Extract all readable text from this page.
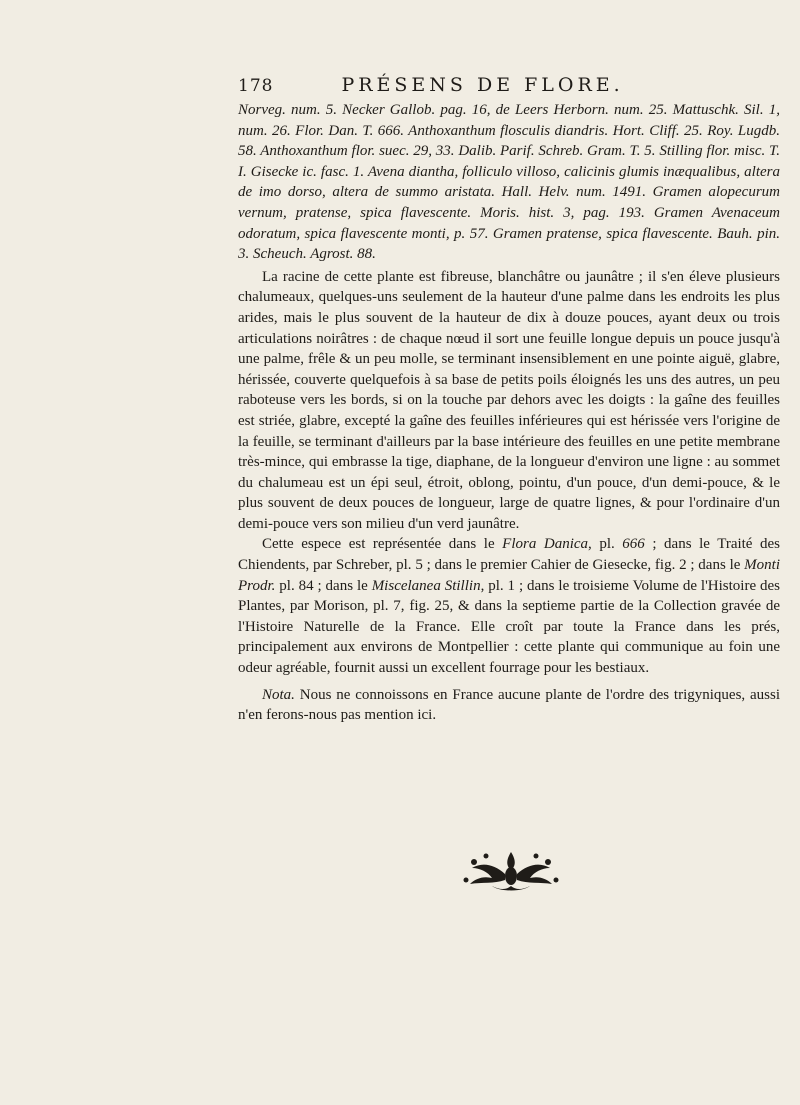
178	PRÉSENS DE FLORE.

Norveg. num. 5. Necker Gallob. pag. 16, de Leers Herborn. num. 25. Mattuschk. Sil. 1, num. 26. Flor. Dan. T. 666. Anthoxanthum flosculis diandris. Hort. Cliff. 25. Roy. Lugdb. 58. Anthoxanthum flor. suec. 29, 33. Dalib. Parif. Schreb. Gram. T. 5. Stilling flor. misc. T. I. Gisecke ic. fasc. 1. Avena diantha, folliculo villoso, calicinis glumis inæqualibus, altera de imo dorso, altera de summo aristata. Hall. Helv. num. 1491. Gramen alopecurum vernum, pratense, spica flavescente. Moris. hist. 3, pag. 193. Gramen Avenaceum odoratum, spica flavescente monti, p. 57. Gramen pratense, spica flavescente. Bauh. pin. 3. Scheuch. Agrost. 88.

La racine de cette plante est fibreuse, blanchâtre ou jaunâtre ; il s'en éleve plusieurs chalumeaux, quelques-uns seulement de la hauteur d'une palme dans les endroits les plus arides, mais le plus souvent de la hauteur de dix à douze pouces, ayant deux ou trois articulations noirâtres : de chaque nœud il sort une feuille longue depuis un pouce jusqu'à une palme, frêle & un peu molle, se terminant insensiblement en une pointe aiguë, glabre, hérissée, couverte quelquefois à sa base de petits poils éloignés les uns des autres, un peu raboteuse vers les bords, si on la touche par dehors avec les doigts : la gaîne des feuilles est striée, glabre, excepté la gaîne des feuilles inférieures qui est hérissée vers l'origine de la feuille, se terminant d'ailleurs par la base intérieure des feuilles en une petite membrane très-mince, qui embrasse la tige, diaphane, de la longueur d'environ une ligne : au sommet du chalumeau est un épi seul, étroit, oblong, pointu, d'un pouce, d'un demi-pouce, & le plus souvent de deux pouces de longueur, large de quatre lignes, & pour l'ordinaire d'un demi-pouce vers son milieu d'un verd jaunâtre.

Cette espece est représentée dans le Flora Danica, pl. 666 ; dans le Traité des Chiendents, par Schreber, pl. 5 ; dans le premier Cahier de Giesecke, fig. 2 ; dans le Monti Prodr. pl. 84 ; dans le Miscelanea Stillin, pl. 1 ; dans le troisieme Volume de l'Histoire des Plantes, par Morison, pl. 7, fig. 25, & dans la septieme partie de la Collection gravée de l'Histoire Naturelle de la France. Elle croît par toute la France dans les prés, principalement aux environs de Montpellier : cette plante qui communique au foin une odeur agréable, fournit aussi un excellent fourrage pour les bestiaux.

Nota. Nous ne connoissons en France aucune plante de l'ordre des trigyniques, aussi n'en ferons-nous pas mention ici.
